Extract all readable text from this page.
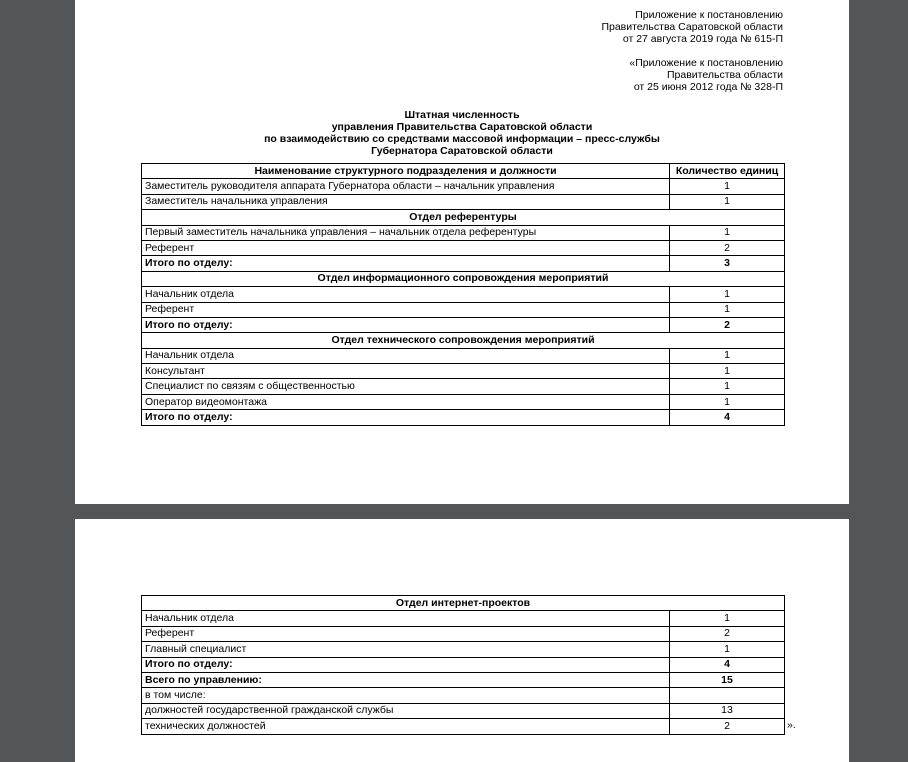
Приложение к постановлению
Правительства Саратовской области
от 27 августа 2019 года № 615-П
«Приложение к постановлению
Правительства области
от 25 июня 2012 года № 328-П
Штатная численность
управления Правительства Саратовской области
по взаимодействию со средствами массовой информации – пресс-службы
Губернатора Саратовской области
Наименование структурного подразделения и должности	Количество единиц
Заместитель руководителя аппарата Губернатора области – начальник управления	1
Заместитель начальника управления	1
Отдел референтуры	
Первый заместитель начальника управления – начальник отдела референтуры	1
Референт	2
Итого по отделу:	3
Отдел информационного сопровождения мероприятий	
Начальник отдела	1
Референт	1
Итого по отделу:	2
Отдел технического сопровождения мероприятий	
Начальник отдела	1
Консультант	1
Специалист по связям с общественностью	1
Оператор видеомонтажа	1
Итого по отделу:	4
Отдел интернет-проектов	
Начальник отдела	1
Референт	2
Главный специалист	1
Итого по отделу:	4
Всего по управлению:	15
в том числе:	
должностей государственной гражданской службы	13
технических должностей	2	».
